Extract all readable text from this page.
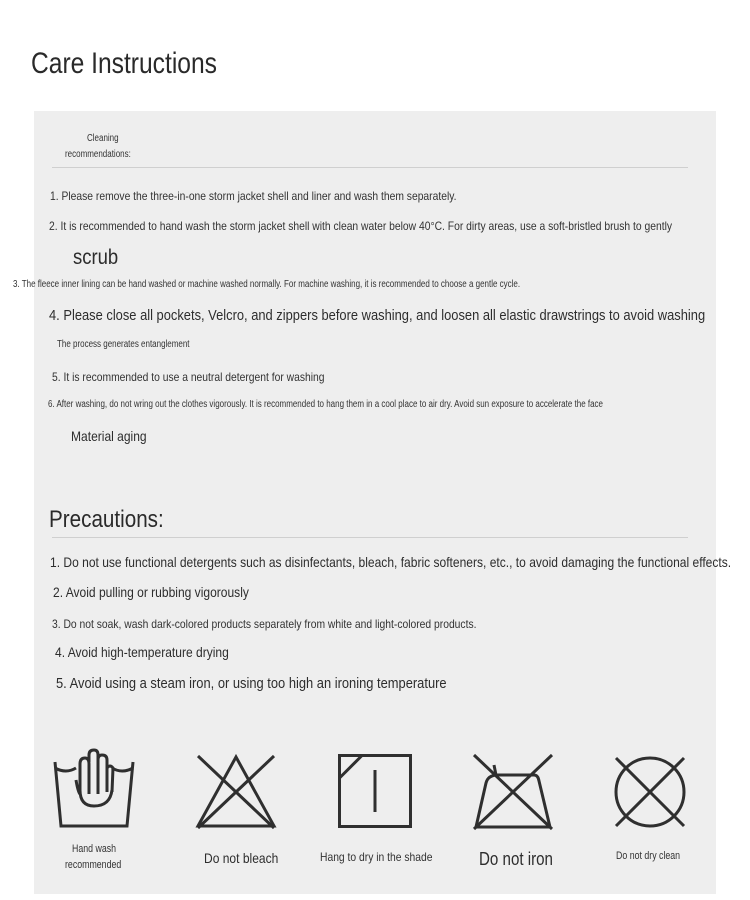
Care Instructions
Cleaning
recommendations:
1. Please remove the three-in-one storm jacket shell and liner and wash them separately.
2. It is recommended to hand wash the storm jacket shell with clean water below 40°C. For dirty areas, use a soft-bristled brush to gently
scrub
3. The fleece inner lining can be hand washed or machine washed normally. For machine washing, it is recommended to choose a gentle cycle.
4. Please close all pockets, Velcro, and zippers before washing, and loosen all elastic drawstrings to avoid washing
The process generates entanglement
5. It is recommended to use a neutral detergent for washing
6. After washing, do not wring out the clothes vigorously. It is recommended to hang them in a cool place to air dry. Avoid sun exposure to accelerate the face
Material aging
Precautions:
1. Do not use functional detergents such as disinfectants, bleach, fabric softeners, etc., to avoid damaging the functional effects.
2. Avoid pulling or rubbing vigorously
3. Do not soak, wash dark-colored products separately from white and light-colored products.
4. Avoid high-temperature drying
5. Avoid using a steam iron, or using too high an ironing temperature
Hand wash
recommended	Do not bleach	Hang to dry in the shade	Do not iron	Do not dry clean
